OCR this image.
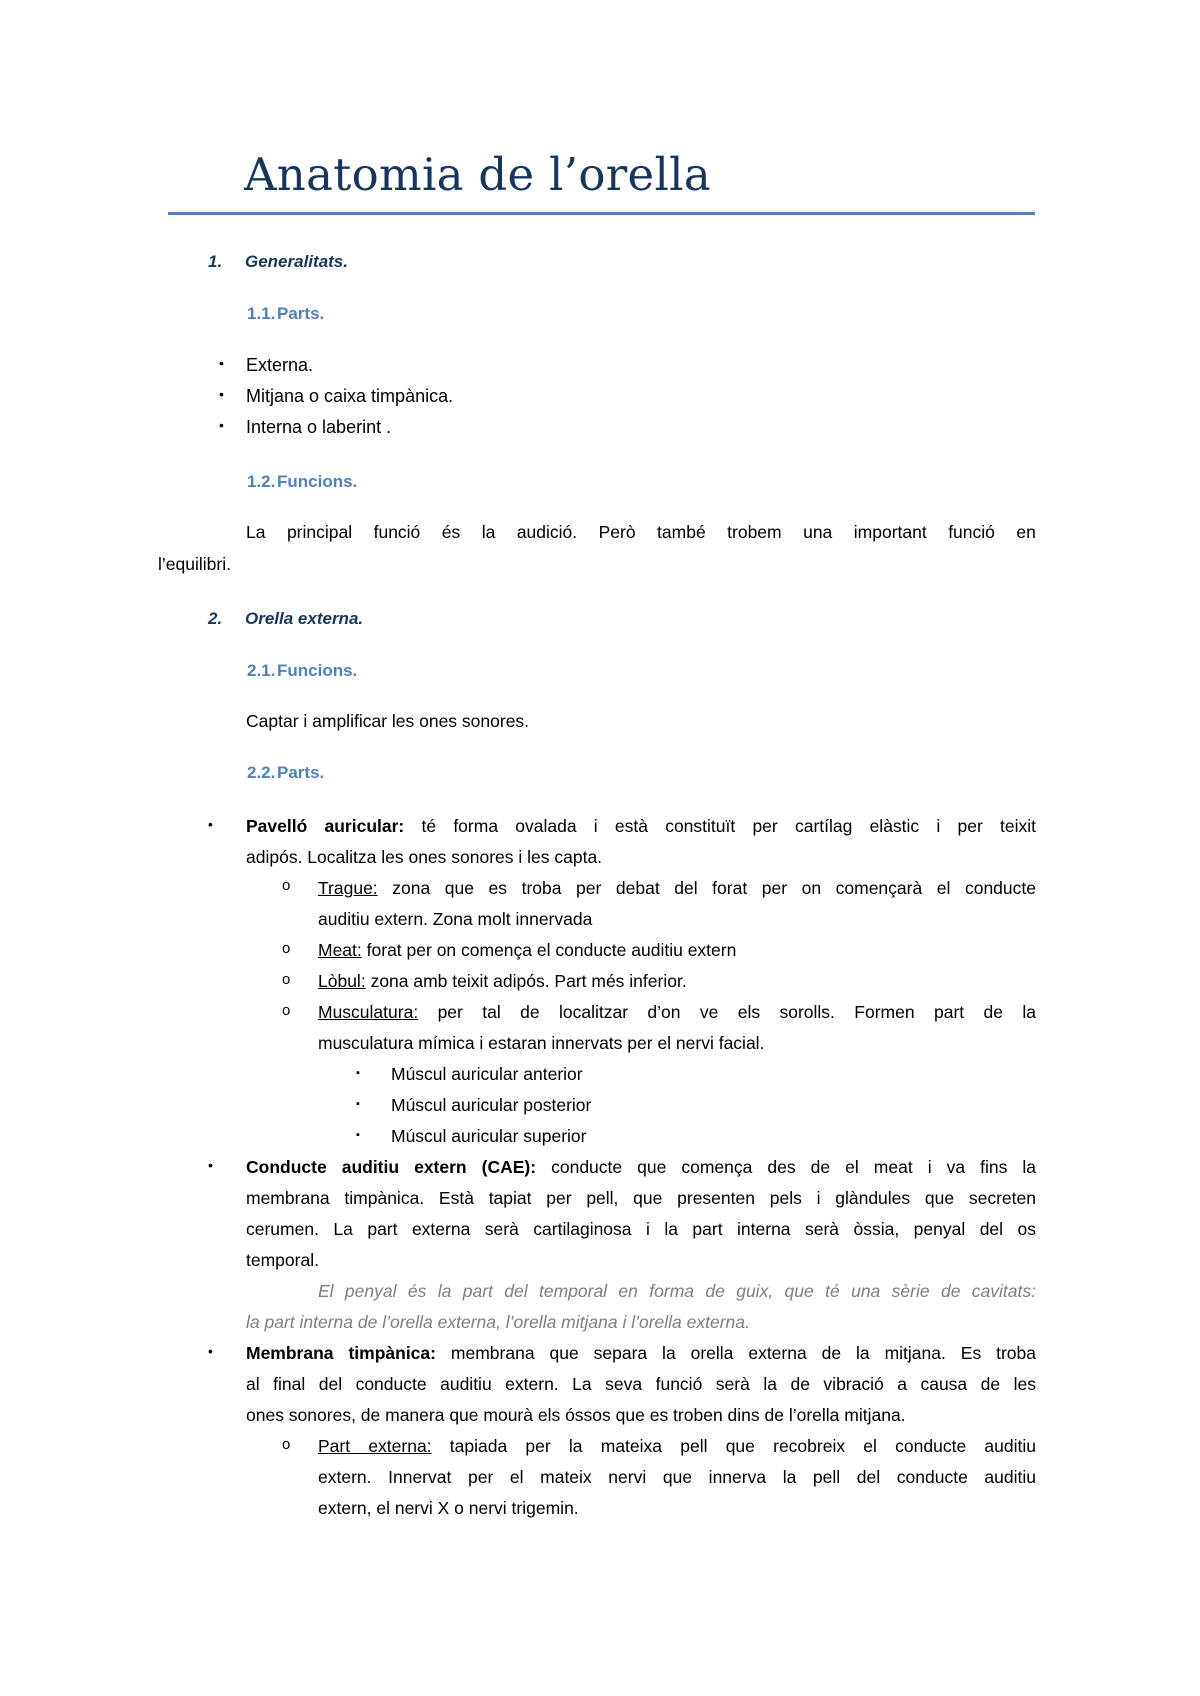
Anatomia de l’orella
1. Generalitats.
1.1.Parts.
• Externa.
• Mitjana o caixa timpànica.
• Interna o laberint .
1.2.Funcions.
La principal funció és la audició. Però també trobem una important funció en
l’equilibri.
2. Orella externa.
2.1.Funcions.
Captar i amplificar les ones sonores.
2.2.Parts.
• Pavelló auricular: té forma ovalada i està constituït per cartílag elàstic i per teixit
adipós. Localitza les ones sonores i les capta.
o Trague: zona que es troba per debat del forat per on començarà el conducte
auditiu extern. Zona molt innervada
o Meat: forat per on comença el conducte auditiu extern
o Lòbul: zona amb teixit adipós. Part més inferior.
o Musculatura: per tal de localitzar d’on ve els sorolls. Formen part de la
musculatura mímica i estaran innervats per el nervi facial.
▪ Múscul auricular anterior
▪ Múscul auricular posterior
▪ Múscul auricular superior
• Conducte auditiu extern (CAE): conducte que comença des de el meat i va fins la
membrana timpànica. Està tapiat per pell, que presenten pels i glàndules que secreten
cerumen. La part externa serà cartilaginosa i la part interna serà òssia, penyal del os
temporal.
El penyal és la part del temporal en forma de guix, que té una sèrie de cavitats:
la part interna de l’orella externa, l’orella mitjana i l’orella externa.
• Membrana timpànica: membrana que separa la orella externa de la mitjana. Es troba
al final del conducte auditiu extern. La seva funció serà la de vibració a causa de les
ones sonores, de manera que mourà els óssos que es troben dins de l’orella mitjana.
o Part externa: tapiada per la mateixa pell que recobreix el conducte auditiu
extern. Innervat per el mateix nervi que innerva la pell del conducte auditiu
extern, el nervi X o nervi trigemin.
